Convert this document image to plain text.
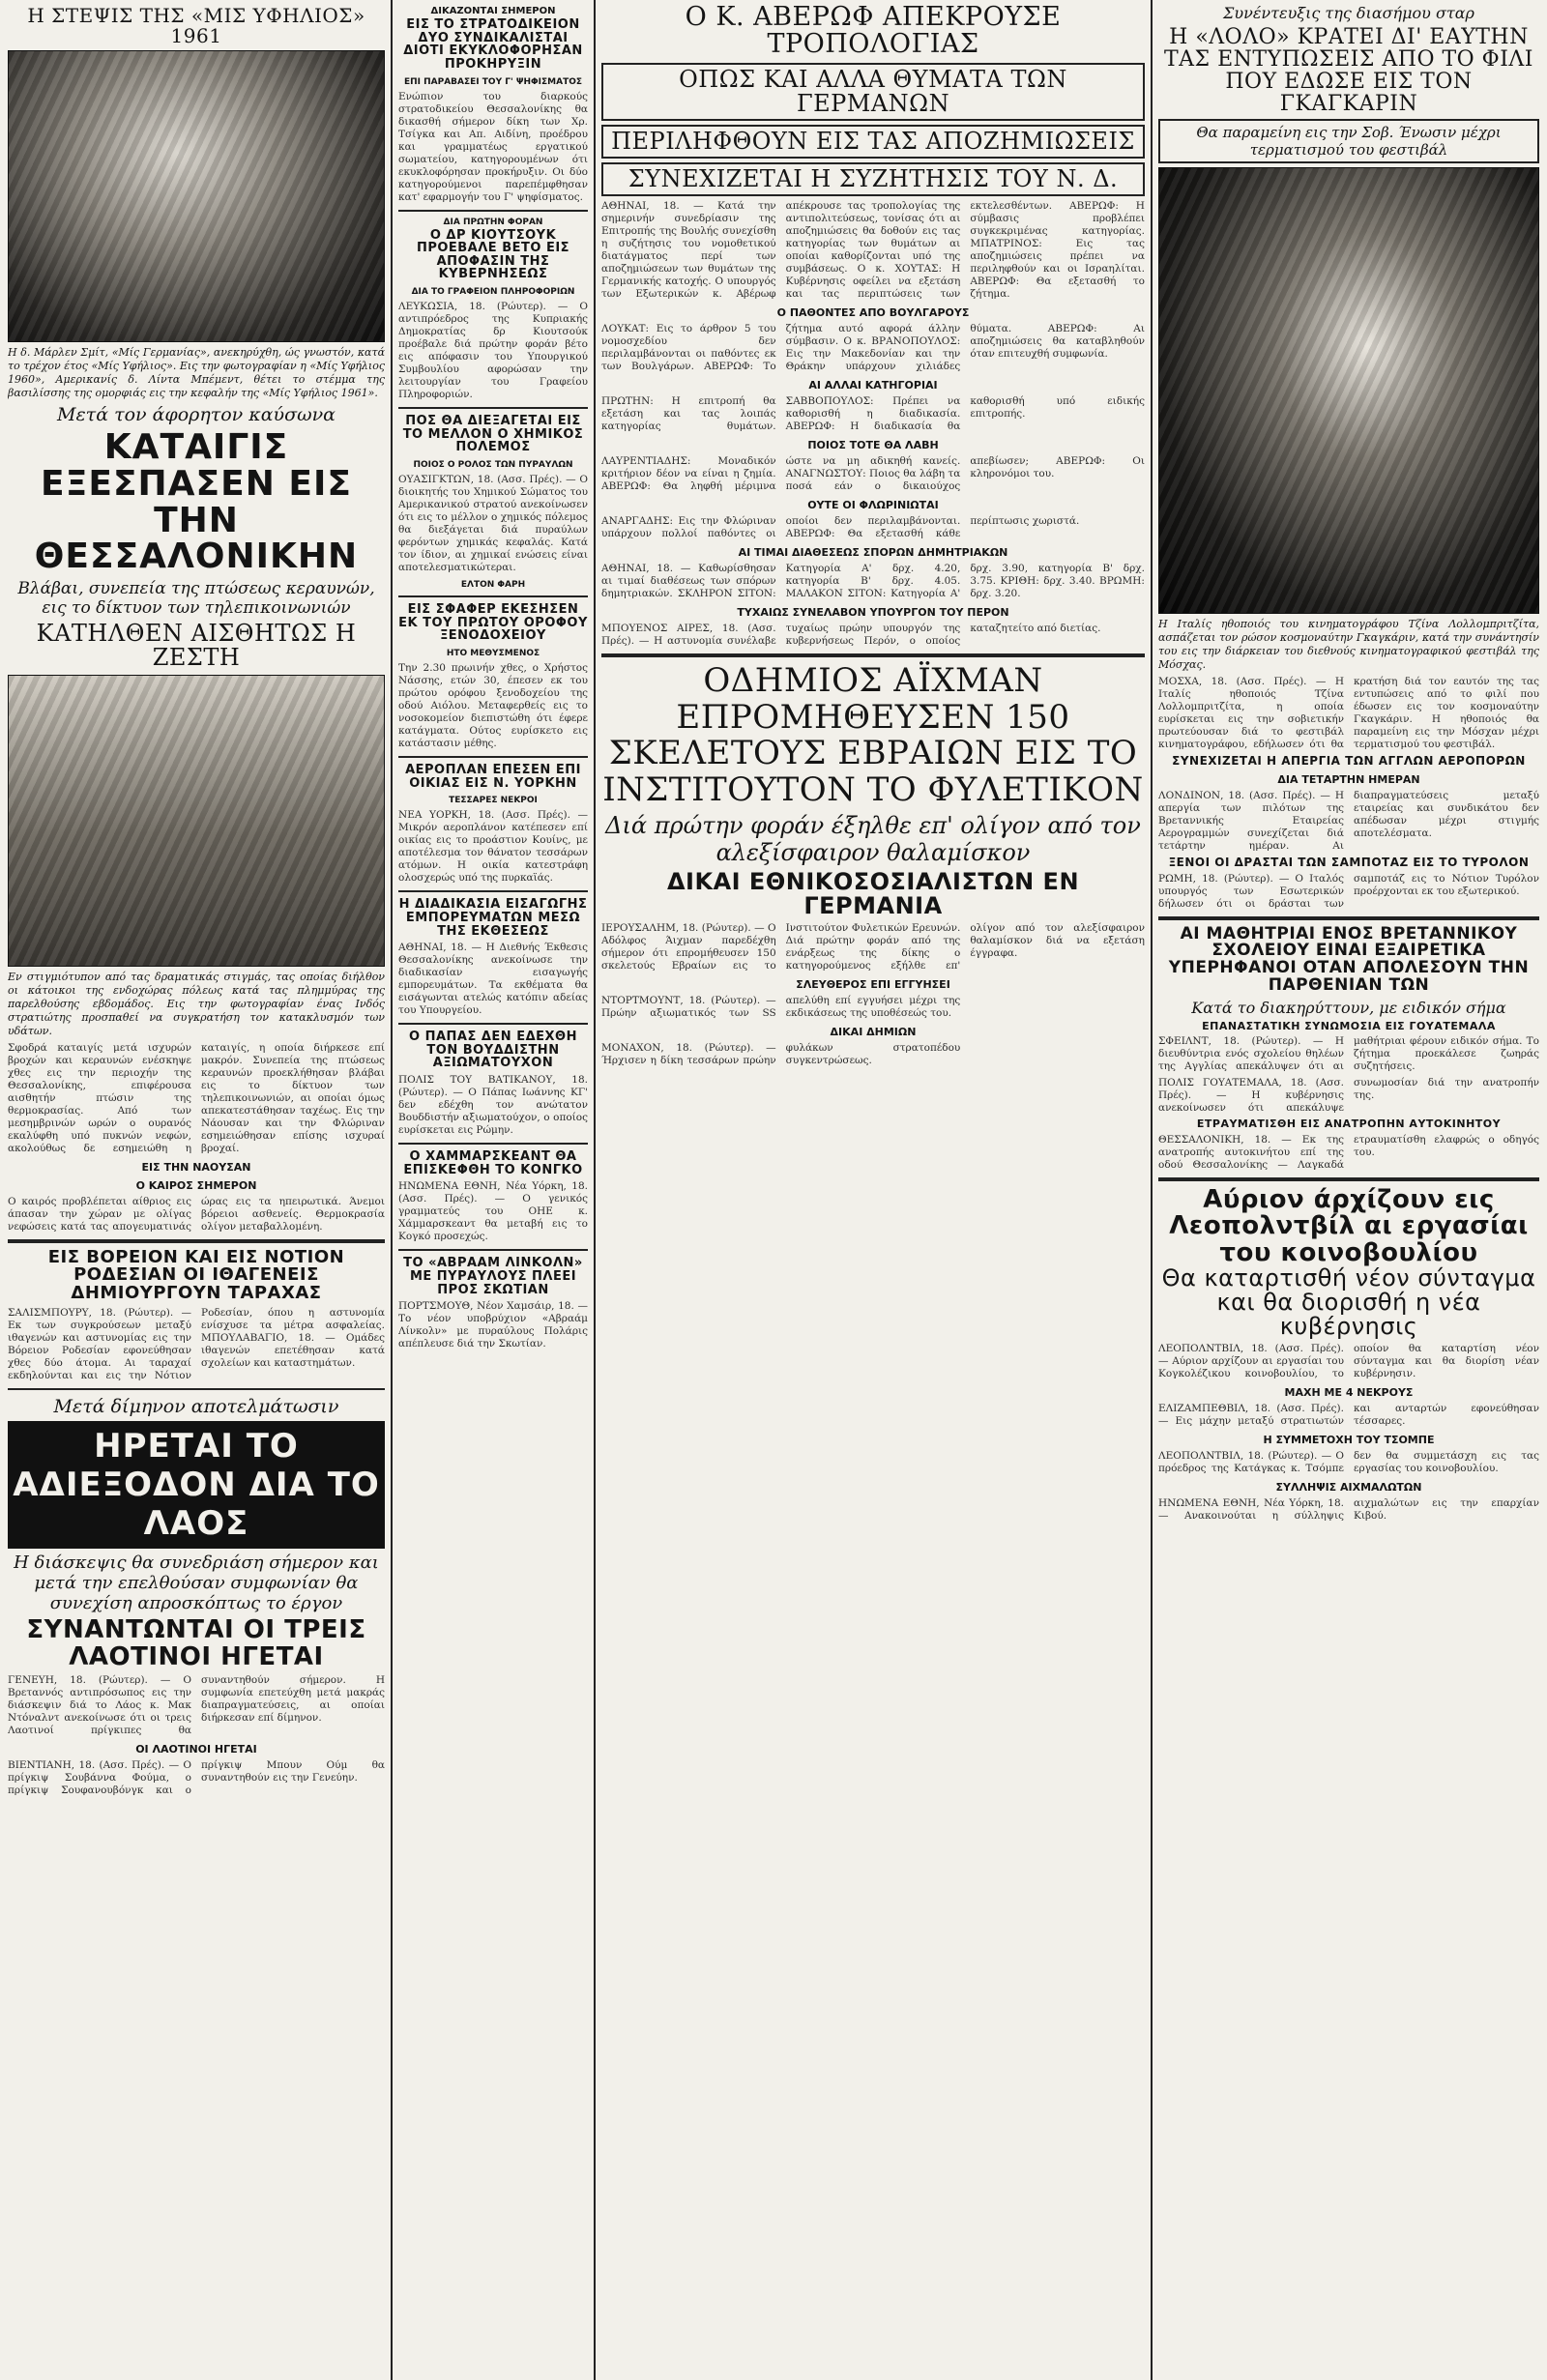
Η ΣΤΕΨΙΣ ΤΗΣ «ΜΙΣ ΥΦΗΛΙΟΣ» 1961
Η δ. Μάρλεν Σμίτ, «Μίς Γερμανίας», ανεκηρύχθη, ώς γνωστόν, κατά το τρέχον έτος «Μίς Υφήλιος». Εις την φωτογραφίαν η «Μίς Υφήλιος 1960», Αμερικανίς δ. Λίντα Μπέμεντ, θέτει το στέμμα της βασιλίσσης της ομορφιάς εις την κεφαλήν της «Μίς Υφήλιος 1961».
Μετά τον άφορητον καύσωνα
ΚΑΤΑΙΓΙΣ ΕΞΕΣΠΑΣΕΝ ΕΙΣ ΤΗΝ ΘΕΣΣΑΛΟΝΙΚΗΝ
Βλάβαι, συνεπεία της πτώσεως κεραυνών, εις το δίκτυον των τηλεπικοινωνιών
ΚΑΤΗΛΘΕΝ ΑΙΣΘΗΤΩΣ Η ΖΕΣΤΗ
Εν στιγμιότυπον από τας δραματικάς στιγμάς, τας οποίας διήλθον οι κάτοικοι της ενδοχώρας πόλεως κατά τας πλημμύρας της παρελθούσης εβδομάδος. Εις την φωτογραφίαν ένας Ινδός στρατιώτης προσπαθεί να συγκρατήση τον κατακλυσμόν των υδάτων.
Σφοδρά καταιγίς μετά ισχυρών βροχών και κεραυνών ενέσκηψε χθες εις την περιοχήν της Θεσσαλονίκης, επιφέρουσα αισθητήν πτώσιν της θερμοκρασίας. Από των μεσημβρινών ωρών ο ουρανός εκαλύφθη υπό πυκνών νεφών, ακολούθως δε εσημειώθη η καταιγίς, η οποία διήρκεσε επί μακρόν. Συνεπεία της πτώσεως κεραυνών προεκλήθησαν βλάβαι εις το δίκτυον των τηλεπικοινωνιών, αι οποίαι όμως απεκατεστάθησαν ταχέως. Εις την Νάουσαν και την Φλώριναν εσημειώθησαν επίσης ισχυραί βροχαί.
ΕΙΣ ΤΗΝ ΝΑΟΥΣΑΝ
Ο ΚΑΙΡΟΣ ΣΗΜΕΡΟΝ
Ο καιρός προβλέπεται αίθριος εις άπασαν την χώραν με ολίγας νεφώσεις κατά τας απογευματινάς ώρας εις τα ηπειρωτικά. Άνεμοι βόρειοι ασθενείς. Θερμοκρασία ολίγον μεταβαλλομένη.
ΕΙΣ ΒΟΡΕΙΟΝ ΚΑΙ ΕΙΣ ΝΟΤΙΟΝ ΡΟΔΕΣΙΑΝ ΟΙ ΙΘΑΓΕΝΕΙΣ ΔΗΜΙΟΥΡΓΟΥΝ ΤΑΡΑΧΑΣ
ΣΑΛΙΣΜΠΟΥΡΥ, 18. (Ρώυτερ). — Εκ των συγκρούσεων μεταξύ ιθαγενών και αστυνομίας εις την Βόρειον Ροδεσίαν εφονεύθησαν χθες δύο άτομα. Αι ταραχαί εκδηλούνται και εις την Νότιον Ροδεσίαν, όπου η αστυνομία ενίσχυσε τα μέτρα ασφαλείας. ΜΠΟΥΛΑΒΑΓΙΟ, 18. — Ομάδες ιθαγενών επετέθησαν κατά σχολείων και καταστημάτων.
Μετά δίμηνον αποτελμάτωσιν
ΗΡΕΤΑΙ ΤΟ ΑΔΙΕΞΟΔΟΝ ΔΙΑ ΤΟ ΛΑΟΣ
Η διάσκεψις θα συνεδριάση σήμερον και μετά την επελθούσαν συμφωνίαν θα συνεχίση απροσκόπτως το έργον
ΣΥΝΑΝΤΩΝΤΑΙ ΟΙ ΤΡΕΙΣ ΛΑΟΤΙΝΟΙ ΗΓΕΤΑΙ
ΓΕΝΕΥΗ, 18. (Ρώυτερ). — Ο Βρεταννός αντιπρόσωπος εις την διάσκεψιν διά το Λάος κ. Μακ Ντόναλντ ανεκοίνωσε ότι οι τρεις Λαοτινοί πρίγκιπες θα συναντηθούν σήμερον. Η συμφωνία επετεύχθη μετά μακράς διαπραγματεύσεις, αι οποίαι διήρκεσαν επί δίμηνον.
ΟΙ ΛΑΟΤΙΝΟΙ ΗΓΕΤΑΙ
ΒΙΕΝΤΙΑΝΗ, 18. (Ασσ. Πρές). — Ο πρίγκιψ Σουβάννα Φούμα, ο πρίγκιψ Σουφανουβόνγκ και ο πρίγκιψ Μπουν Ούμ θα συναντηθούν εις την Γενεύην.
ΔΙΚΑΖΟΝΤΑΙ ΣΗΜΕΡΟΝ
ΕΙΣ ΤΟ ΣΤΡΑΤΟΔΙΚΕΙΟΝ ΔΥΟ ΣΥΝΔΙΚΑΛΙΣΤΑΙ ΔΙΟΤΙ ΕΚΥΚΛΟΦΟΡΗΣΑΝ ΠΡΟΚΗΡΥΞΙΝ
ΕΠΙ ΠΑΡΑΒΑΣΕΙ ΤΟΥ Γ' ΨΗΦΙΣΜΑΤΟΣ
Ενώπιον του διαρκούς στρατοδικείου Θεσσαλονίκης θα δικασθή σήμερον δίκη των Χρ. Τσίγκα και Απ. Αιδίνη, προέδρου και γραμματέως εργατικού σωματείου, κατηγορουμένων ότι εκυκλοφόρησαν προκήρυξιν. Οι δύο κατηγορούμενοι παρεπέμφθησαν κατ' εφαρμογήν του Γ' ψηφίσματος.
ΔΙΑ ΠΡΩΤΗΝ ΦΟΡΑΝ
Ο ΔΡ ΚΙΟΥΤΣΟΥΚ ΠΡΟΕΒΑΛΕ ΒΕΤΟ ΕΙΣ ΑΠΟΦΑΣΙΝ ΤΗΣ ΚΥΒΕΡΝΗΣΕΩΣ
ΔΙΑ ΤΟ ΓΡΑΦΕΙΟΝ ΠΛΗΡΟΦΟΡΙΩΝ
ΛΕΥΚΩΣΙΑ, 18. (Ρώυτερ). — Ο αντιπρόεδρος της Κυπριακής Δημοκρατίας δρ Κιουτσούκ προέβαλε διά πρώτην φοράν βέτο εις απόφασιν του Υπουργικού Συμβουλίου αφορώσαν την λειτουργίαν του Γραφείου Πληροφοριών.
ΠΟΣ ΘΑ ΔΙΕΞΑΓΕΤΑΙ ΕΙΣ ΤΟ ΜΕΛΛΟΝ Ο ΧΗΜΙΚΟΣ ΠΟΛΕΜΟΣ
ΠΟΙΟΣ Ο ΡΟΛΟΣ ΤΩΝ ΠΥΡΑΥΛΩΝ
ΟΥΑΣΙΓΚΤΩΝ, 18. (Ασσ. Πρές). — Ο διοικητής του Χημικού Σώματος του Αμερικανικού στρατού ανεκοίνωσεν ότι εις το μέλλον ο χημικός πόλεμος θα διεξάγεται διά πυραύλων φερόντων χημικάς κεφαλάς. Κατά τον ίδιον, αι χημικαί ενώσεις είναι αποτελεσματικώτεραι.
ΕΛΤΟΝ ΦΑΡΗ
ΕΙΣ ΣΦΑΦΕΡ ΕΚΕΣΗΣΕΝ ΕΚ ΤΟΥ ΠΡΩΤΟΥ ΟΡΟΦΟΥ ΞΕΝΟΔΟΧΕΙΟΥ
ΗΤΟ ΜΕΘΥΣΜΕΝΟΣ
Την 2.30 πρωινήν χθες, ο Χρήστος Νάσσης, ετών 30, έπεσεν εκ του πρώτου ορόφου ξενοδοχείου της οδού Αιόλου. Μεταφερθείς εις το νοσοκομείον διεπιστώθη ότι έφερε κατάγματα. Ούτος ευρίσκετο εις κατάστασιν μέθης.
ΑΕΡΟΠΛΑΝ ΕΠΕΣΕΝ ΕΠΙ ΟΙΚΙΑΣ ΕΙΣ Ν. ΥΟΡΚΗΝ
ΤΕΣΣΑΡΕΣ ΝΕΚΡΟΙ
ΝΕΑ ΥΟΡΚΗ, 18. (Ασσ. Πρές). — Μικρόν αεροπλάνον κατέπεσεν επί οικίας εις το προάστιον Κουίνς, με αποτέλεσμα τον θάνατον τεσσάρων ατόμων. Η οικία κατεστράφη ολοσχερώς υπό της πυρκαϊάς.
Η ΔΙΑΔΙΚΑΣΙΑ ΕΙΣΑΓΩΓΗΣ ΕΜΠΟΡΕΥΜΑΤΩΝ ΜΕΣΩ ΤΗΣ ΕΚΘΕΣΕΩΣ
ΑΘΗΝΑΙ, 18. — Η Διεθνής Έκθεσις Θεσσαλονίκης ανεκοίνωσε την διαδικασίαν εισαγωγής εμπορευμάτων. Τα εκθέματα θα εισάγωνται ατελώς κατόπιν αδείας του Υπουργείου.
Ο ΠΑΠΑΣ ΔΕΝ ΕΔΕΧΘΗ ΤΟΝ ΒΟΥΔΔΙΣΤΗΝ ΑΞΙΩΜΑΤΟΥΧΟΝ
ΠΟΛΙΣ ΤΟΥ ΒΑΤΙΚΑΝΟΥ, 18. (Ρώυτερ). — Ο Πάπας Ιωάννης ΚΓ' δεν εδέχθη τον ανώτατον Βουδδιστήν αξιωματούχον, ο οποίος ευρίσκεται εις Ρώμην.
Ο ΧΑΜΜΑΡΣΚΕΑΝΤ ΘΑ ΕΠΙΣΚΕΦΘΗ ΤΟ ΚΟΝΓΚΟ
ΗΝΩΜΕΝΑ ΕΘΝΗ, Νέα Υόρκη, 18. (Ασσ. Πρές). — Ο γενικός γραμματεύς του ΟΗΕ κ. Χάμμαρσκεαντ θα μεταβή εις το Κογκό προσεχώς.
ΤΟ «ΑΒΡΑΑΜ ΛΙΝΚΟΛΝ» ΜΕ ΠΥΡΑΥΛΟΥΣ ΠΛΕΕΙ ΠΡΟΣ ΣΚΩΤΙΑΝ
ΠΟΡΤΣΜΟΥΘ, Νέον Χαμσάιρ, 18. — Το νέον υποβρύχιον «Αβραάμ Λίνκολν» με πυραύλους Πολάρις απέπλευσε διά την Σκωτίαν.
Ο Κ. ΑΒΕΡΩΦ ΑΠΕΚΡΟΥΣΕ ΤΡΟΠΟΛΟΓΙΑΣ
ΟΠΩΣ ΚΑΙ ΑΛΛΑ ΘΥΜΑΤΑ ΤΩΝ ΓΕΡΜΑΝΩΝ
ΠΕΡΙΛΗΦΘΟΥΝ ΕΙΣ ΤΑΣ ΑΠΟΖΗΜΙΩΣΕΙΣ
ΣΥΝΕΧΙΖΕΤΑΙ Η ΣΥΖΗΤΗΣΙΣ ΤΟΥ Ν. Δ.
ΑΘΗΝΑΙ, 18. — Κατά την σημερινήν συνεδρίασιν της Επιτροπής της Βουλής συνεχίσθη η συζήτησις του νομοθετικού διατάγματος περί των αποζημιώσεων των θυμάτων της Γερμανικής κατοχής. Ο υπουργός των Εξωτερικών κ. Αβέρωφ απέκρουσε τας τροπολογίας της αντιπολιτεύσεως, τονίσας ότι αι αποζημιώσεις θα δοθούν εις τας κατηγορίας των θυμάτων αι οποίαι καθορίζονται υπό της συμβάσεως. Ο κ. ΧΟΥΤΑΣ: Η Κυβέρνησις οφείλει να εξετάση και τας περιπτώσεις των εκτελεσθέντων. ΑΒΕΡΩΦ: Η σύμβασις προβλέπει συγκεκριμένας κατηγορίας. ΜΠΑΤΡΙΝΟΣ: Εις τας αποζημιώσεις πρέπει να περιληφθούν και οι Ισραηλίται. ΑΒΕΡΩΦ: Θα εξετασθή το ζήτημα.
Ο ΠΑΘΟΝΤΕΣ ΑΠΟ ΒΟΥΛΓΑΡΟΥΣ
ΛΟΥΚΑΤ: Εις το άρθρον 5 του νομοσχεδίου δεν περιλαμβάνονται οι παθόντες εκ των Βουλγάρων. ΑΒΕΡΩΦ: Το ζήτημα αυτό αφορά άλλην σύμβασιν. Ο κ. ΒΡΑΝΟΠΟΥΛΟΣ: Εις την Μακεδονίαν και την Θράκην υπάρχουν χιλιάδες θύματα. ΑΒΕΡΩΦ: Αι αποζημιώσεις θα καταβληθούν όταν επιτευχθή συμφωνία.
ΑΙ ΑΛΛΑΙ ΚΑΤΗΓΟΡΙΑΙ
ΠΡΩΤΗΝ: Η επιτροπή θα εξετάση και τας λοιπάς κατηγορίας θυμάτων. ΣΑΒΒΟΠΟΥΛΟΣ: Πρέπει να καθορισθή η διαδικασία. ΑΒΕΡΩΦ: Η διαδικασία θα καθορισθή υπό ειδικής επιτροπής.
ΠΟΙΟΣ ΤΟΤΕ ΘΑ ΛΑΒΗ
ΛΑΥΡΕΝΤΙΑΔΗΣ: Μοναδικόν κριτήριον δέον να είναι η ζημία. ΑΒΕΡΩΦ: Θα ληφθή μέριμνα ώστε να μη αδικηθή κανείς. ΑΝΑΓΝΩΣΤΟΥ: Ποιος θα λάβη τα ποσά εάν ο δικαιούχος απεβίωσεν; ΑΒΕΡΩΦ: Οι κληρονόμοι του.
ΟΥΤΕ ΟΙ ΦΛΩΡΙΝΙΩΤΑΙ
ΑΝΑΡΓΑΔΗΣ: Εις την Φλώριναν υπάρχουν πολλοί παθόντες οι οποίοι δεν περιλαμβάνονται. ΑΒΕΡΩΦ: Θα εξετασθή κάθε περίπτωσις χωριστά.
ΑΙ ΤΙΜΑΙ ΔΙΑΘΕΣΕΩΣ ΣΠΟΡΩΝ ΔΗΜΗΤΡΙΑΚΩΝ
ΑΘΗΝΑΙ, 18. — Καθωρίσθησαν αι τιμαί διαθέσεως των σπόρων δημητριακών. ΣΚΛΗΡΟΝ ΣΙΤΟΝ: Κατηγορία Α' δρχ. 4.20, κατηγορία Β' δρχ. 4.05. ΜΑΛΑΚΟΝ ΣΙΤΟΝ: Κατηγορία Α' δρχ. 3.90, κατηγορία Β' δρχ. 3.75. ΚΡΙΘΗ: δρχ. 3.40. ΒΡΩΜΗ: δρχ. 3.20.
ΤΥΧΑΙΩΣ ΣΥΝΕΛΑΒΟΝ ΥΠΟΥΡΓΟΝ ΤΟΥ ΠΕΡΟΝ
ΜΠΟΥΕΝΟΣ ΑΙΡΕΣ, 18. (Ασσ. Πρές). — Η αστυνομία συνέλαβε τυχαίως πρώην υπουργόν της κυβερνήσεως Περόν, ο οποίος καταζητείτο από διετίας.
ΟΔΗΜΙΟΣ ΑΪΧΜΑΝ ΕΠΡΟΜΗΘΕΥΣΕΝ 150 ΣΚΕΛΕΤΟΥΣ ΕΒΡΑΙΩΝ ΕΙΣ ΤΟ ΙΝΣΤΙΤΟΥΤΟΝ ΤΟ ΦΥΛΕΤΙΚΟΝ
Διά πρώτην φοράν έξηλθε επ' ολίγον από τον αλεξίσφαιρον θαλαμίσκον
ΔΙΚΑΙ ΕΘΝΙΚΟΣΟΣΙΑΛΙΣΤΩΝ ΕΝ ΓΕΡΜΑΝΙΑ
ΙΕΡΟΥΣΑΛΗΜ, 18. (Ρώυτερ). — Ο Αδόλφος Άιχμαν παρεδέχθη σήμερον ότι επρομήθευσεν 150 σκελετούς Εβραίων εις το Ινστιτούτον Φυλετικών Ερευνών. Διά πρώτην φοράν από της ενάρξεως της δίκης ο κατηγορούμενος εξήλθε επ' ολίγον από τον αλεξίσφαιρον θαλαμίσκον διά να εξετάση έγγραφα.
ΣΛΕΥΘΕΡΟΣ ΕΠΙ ΕΓΓΥΗΣΕΙ
ΝΤΟΡΤΜΟΥΝΤ, 18. (Ρώυτερ). — Πρώην αξιωματικός των SS απελύθη επί εγγυήσει μέχρι της εκδικάσεως της υποθέσεώς του.
ΔΙΚΑΙ ΔΗΜΙΩΝ
ΜΟΝΑΧΟΝ, 18. (Ρώυτερ). — Ήρχισεν η δίκη τεσσάρων πρώην φυλάκων στρατοπέδου συγκεντρώσεως.
Συνέντευξις της διασήμου σταρ
Η «ΛΟΛΟ» ΚΡΑΤΕΙ ΔΙ' ΕΑΥΤΗΝ ΤΑΣ ΕΝΤΥΠΩΣΕΙΣ ΑΠΟ ΤΟ ΦΙΛΙ ΠΟΥ ΕΔΩΣΕ ΕΙΣ ΤΟΝ ΓΚΑΓΚΑΡΙΝ
Θα παραμείνη εις την Σοβ. Ένωσιν μέχρι τερματισμού του φεστιβάλ
Η Ιταλίς ηθοποιός του κινηματογράφου Τζίνα Λολλομπριτζίτα, ασπάζεται τον ρώσον κοσμοναύτην Γκαγκάριν, κατά την συνάντησίν του εις την διάρκειαν του διεθνούς κινηματογραφικού φεστιβάλ της Μόσχας.
ΜΟΣΧΑ, 18. (Ασσ. Πρές). — Η Ιταλίς ηθοποιός Τζίνα Λολλομπριτζίτα, η οποία ευρίσκεται εις την σοβιετικήν πρωτεύουσαν διά το φεστιβάλ κινηματογράφου, εδήλωσεν ότι θα κρατήση διά τον εαυτόν της τας εντυπώσεις από το φιλί που έδωσεν εις τον κοσμοναύτην Γκαγκάριν. Η ηθοποιός θα παραμείνη εις την Μόσχαν μέχρι τερματισμού του φεστιβάλ.
ΣΥΝΕΧΙΖΕΤΑΙ Η ΑΠΕΡΓΙΑ ΤΩΝ ΑΓΓΛΩΝ ΑΕΡΟΠΟΡΩΝ
ΔΙΑ ΤΕΤΑΡΤΗΝ ΗΜΕΡΑΝ
ΛΟΝΔΙΝΟΝ, 18. (Ασσ. Πρές). — Η απεργία των πιλότων της Βρεταννικής Εταιρείας Αερογραμμών συνεχίζεται διά τετάρτην ημέραν. Αι διαπραγματεύσεις μεταξύ εταιρείας και συνδικάτου δεν απέδωσαν μέχρι στιγμής αποτελέσματα.
ΞΕΝΟΙ ΟΙ ΔΡΑΣΤΑΙ ΤΩΝ ΣΑΜΠΟΤΑΖ ΕΙΣ ΤΟ ΤΥΡΟΛΟΝ
ΡΩΜΗ, 18. (Ρώυτερ). — Ο Ιταλός υπουργός των Εσωτερικών δήλωσεν ότι οι δράσται των σαμποτάζ εις το Νότιον Τυρόλον προέρχονται εκ του εξωτερικού.
ΑΙ ΜΑΘΗΤΡΙΑΙ ΕΝΟΣ ΒΡΕΤΑΝΝΙΚΟΥ ΣΧΟΛΕΙΟΥ ΕΙΝΑΙ ΕΞΑΙΡΕΤΙΚΑ ΥΠΕΡΗΦΑΝΟΙ ΟΤΑΝ ΑΠΟΛΕΣΟΥΝ ΤΗΝ ΠΑΡΘΕΝΙΑΝ ΤΩΝ
Κατά το διακηρύττουν, με ειδικόν σήμα
ΕΠΑΝΑΣΤΑΤΙΚΗ ΣΥΝΩΜΟΣΙΑ ΕΙΣ ΓΟΥΑΤΕΜΑΛΑ
ΣΦΕΙΛΝΤ, 18. (Ρώυτερ). — Η διευθύντρια ενός σχολείου θηλέων της Αγγλίας απεκάλυψεν ότι αι μαθήτριαι φέρουν ειδικόν σήμα. Το ζήτημα προεκάλεσε ζωηράς συζητήσεις.
ΠΟΛΙΣ ΓΟΥΑΤΕΜΑΛΑ, 18. (Ασσ. Πρές). — Η κυβέρνησις ανεκοίνωσεν ότι απεκάλυψε συνωμοσίαν διά την ανατροπήν της.
ΕΤΡΑΥΜΑΤΙΣΘΗ ΕΙΣ ΑΝΑΤΡΟΠΗΝ ΑΥΤΟΚΙΝΗΤΟΥ
ΘΕΣΣΑΛΟΝΙΚΗ, 18. — Εκ της ανατροπής αυτοκινήτου επί της οδού Θεσσαλονίκης — Λαγκαδά ετραυματίσθη ελαφρώς ο οδηγός του.
Αύριον άρχίζουν εις Λεοπολντβίλ αι εργασίαι του κοινοβουλίου
Θα καταρτισθή νέον σύνταγμα και θα διορισθή η νέα κυβέρνησις
ΛΕΟΠΟΛΝΤΒΙΛ, 18. (Ασσ. Πρές). — Αύριον αρχίζουν αι εργασίαι του Κογκολέζικου κοινοβουλίου, το οποίον θα καταρτίση νέον σύνταγμα και θα διορίση νέαν κυβέρνησιν.
ΜΑΧΗ ΜΕ 4 ΝΕΚΡΟΥΣ
ΕΛΙΖΑΜΠΕΘΒΙΛ, 18. (Ασσ. Πρές). — Εις μάχην μεταξύ στρατιωτών και ανταρτών εφονεύθησαν τέσσαρες.
Η ΣΥΜΜΕΤΟΧΗ ΤΟΥ ΤΣΟΜΠΕ
ΛΕΟΠΟΛΝΤΒΙΛ, 18. (Ρώυτερ). — Ο πρόεδρος της Κατάγκας κ. Τσόμπε δεν θα συμμετάσχη εις τας εργασίας του κοινοβουλίου.
ΣΥΛΛΗΨΙΣ ΑΙΧΜΑΛΩΤΩΝ
ΗΝΩΜΕΝΑ ΕΘΝΗ, Νέα Υόρκη, 18. — Ανακοινούται η σύλληψις αιχμαλώτων εις την επαρχίαν Κιβού.
